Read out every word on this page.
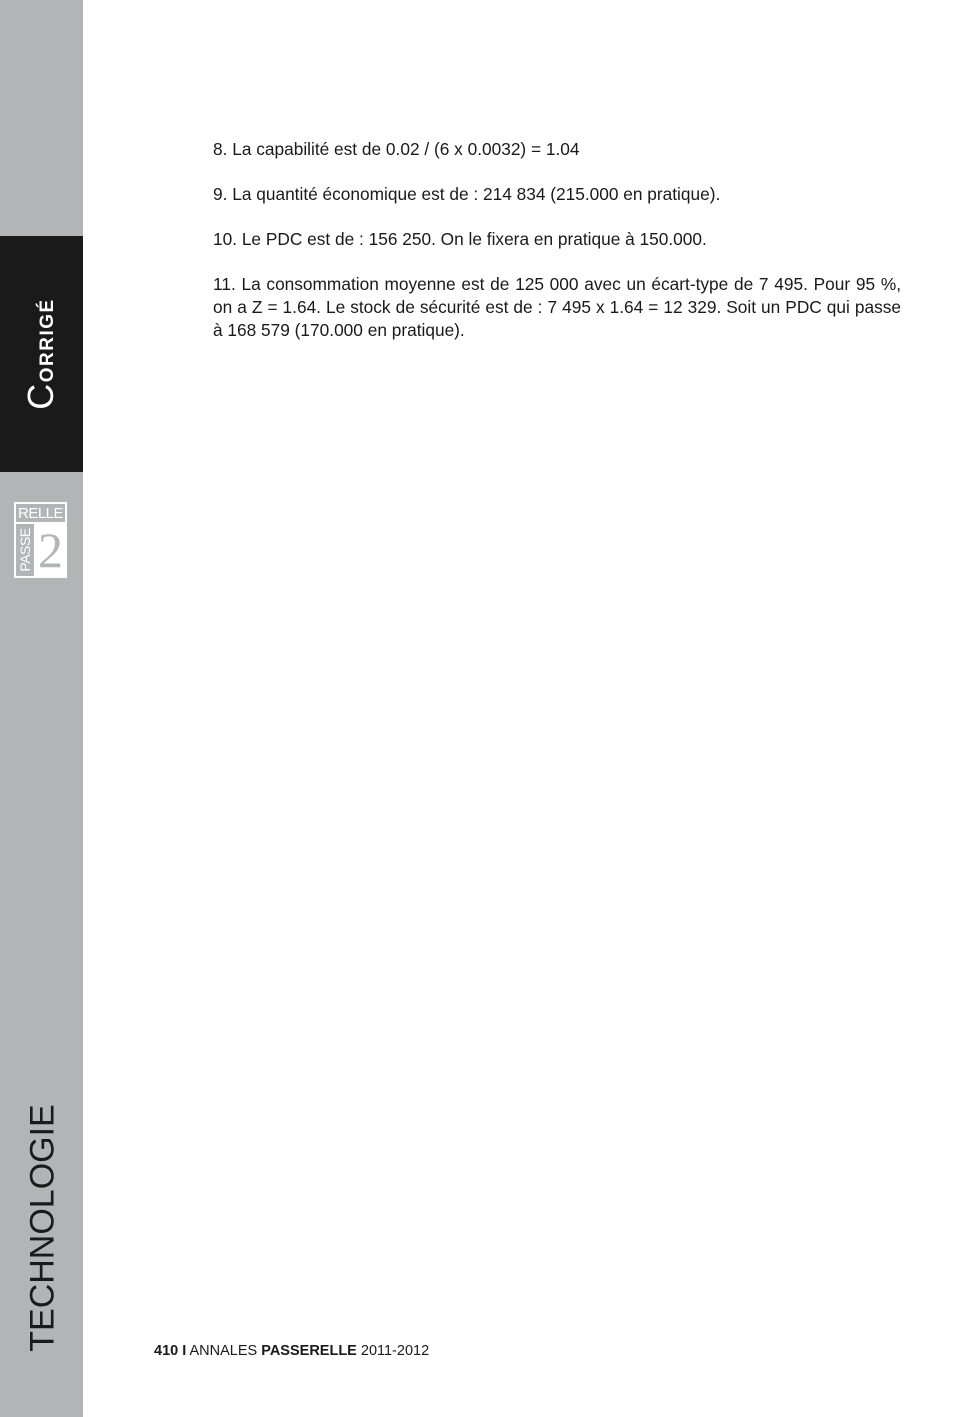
Corrigé
RELLE
PASSE 2
TECHNOLOGIE

8. La capabilité est de 0.02 / (6 x 0.0032) = 1.04

9. La quantité économique est de : 214 834 (215.000 en pratique).

10. Le PDC est de : 156 250. On le fixera en pratique à 150.000.

11. La consommation moyenne est de 125 000 avec un écart-type de 7 495. Pour 95 %, on a Z = 1.64. Le stock de sécurité est de : 7 495 x 1.64 = 12 329. Soit un PDC qui passe à 168 579 (170.000 en pratique).

410 I ANNALES PASSERELLE 2011-2012
